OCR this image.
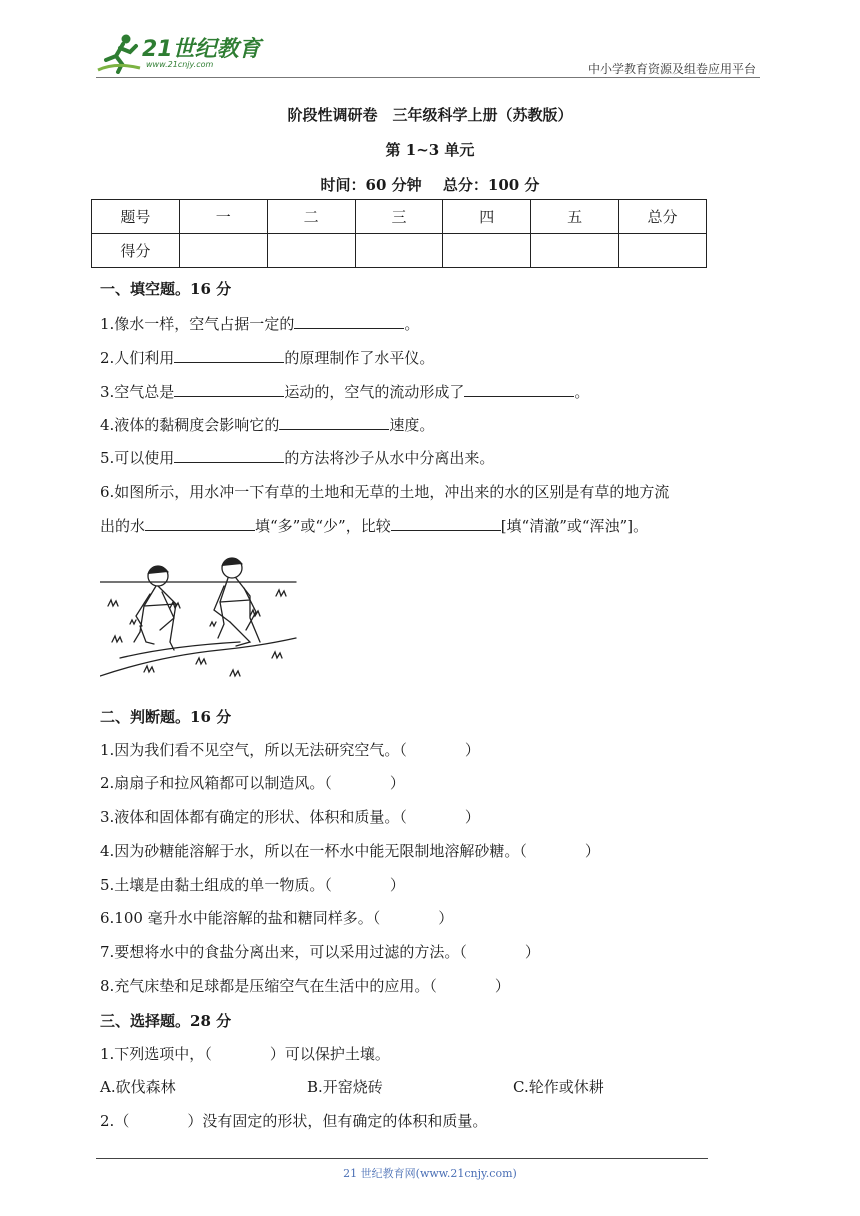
21世纪教育
www.21cnjy.com	中小学教育资源及组卷应用平台
阶段性调研卷　三年级科学上册（苏教版）
第 1~3 单元
时间：60 分钟 总分：100 分
题号	一	二	三	四	五	总分
得分						
一、填空题。16 分
1.像水一样，空气占据一定的	。
2.人们利用	的原理制作了水平仪。
3.空气总是	运动的，空气的流动形成了	。
4.液体的黏稠度会影响它的	速度。
5.可以使用	的方法将沙子从水中分离出来。
6.如图所示，用水冲一下有草的土地和无草的土地，冲出来的水的区别是有草的地方流
出的水	填“多”或“少”，比较	[填“清澈”或“浑浊”]。
二、判断题。16 分
1.因为我们看不见空气，所以无法研究空气。（	）
2.扇扇子和拉风箱都可以制造风。（	）
3.液体和固体都有确定的形状、体积和质量。（	）
4.因为砂糖能溶解于水，所以在一杯水中能无限制地溶解砂糖。（	）
5.土壤是由黏土组成的单一物质。（	）
6.100 毫升水中能溶解的盐和糖同样多。（	）
7.要想将水中的食盐分离出来，可以采用过滤的方法。（	）
8.充气床垫和足球都是压缩空气在生活中的应用。（	）
三、选择题。28 分
1.下列选项中，（	）可以保护土壤。
A.砍伐森林	B.开窑烧砖	C.轮作或休耕
2.（	）没有固定的形状，但有确定的体积和质量。
21 世纪教育网(www.21cnjy.com)
